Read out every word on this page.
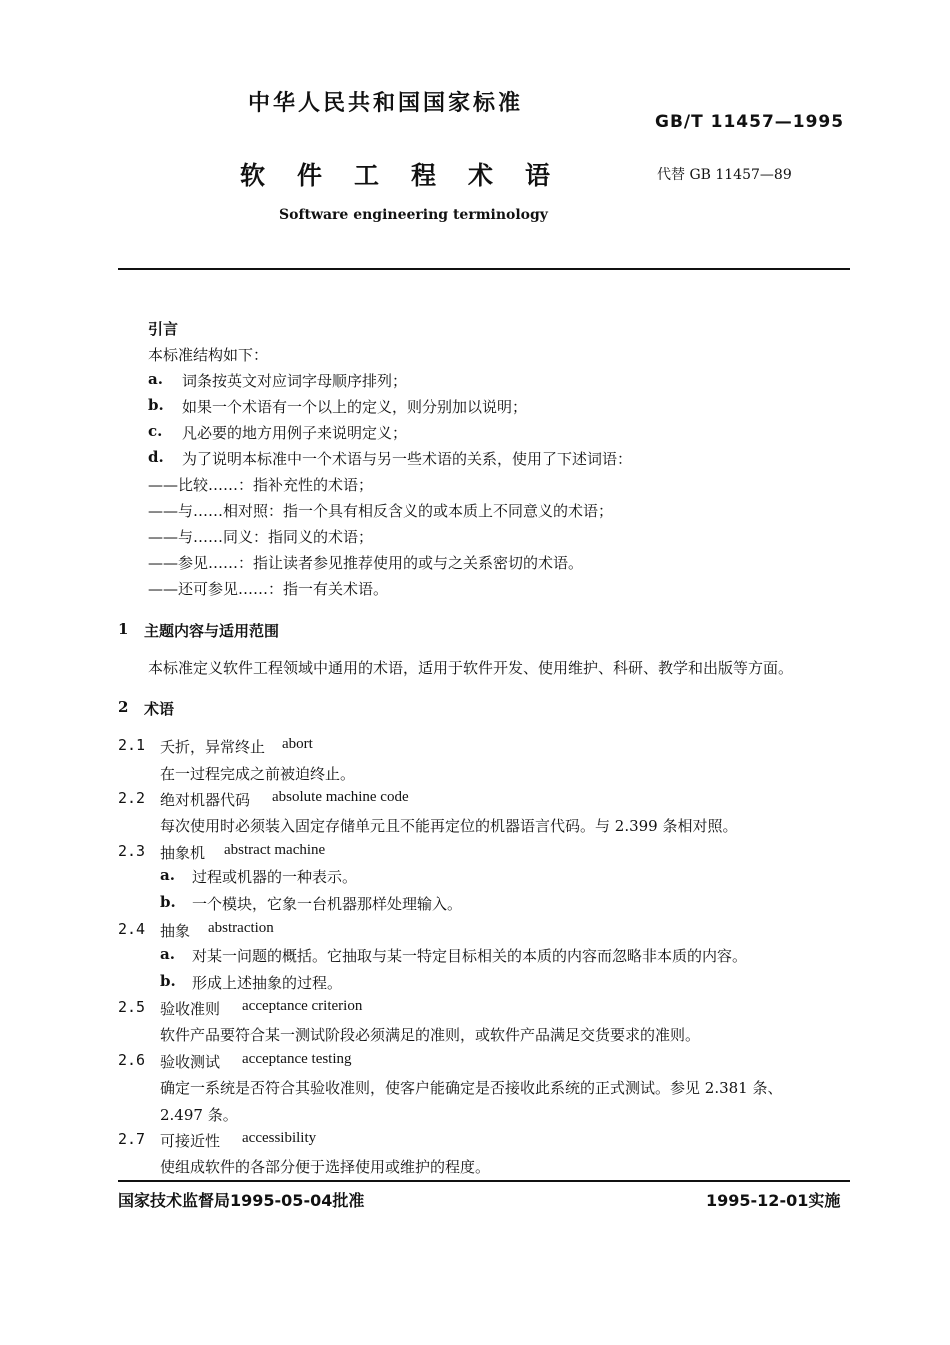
中华人民共和国国家标准
GB/T 11457—1995
软件工程术语	代替 GB 11457—89
Software engineering terminology
引言
本标准结构如下：
a. 词条按英文对应词字母顺序排列；
b. 如果一个术语有一个以上的定义，则分别加以说明；
c. 凡必要的地方用例子来说明定义；
d. 为了说明本标准中一个术语与另一些术语的关系，使用了下述词语：
——比较……：指补充性的术语；
——与……相对照：指一个具有相反含义的或本质上不同意义的术语；
——与……同义：指同义的术语；
——参见……：指让读者参见推荐使用的或与之关系密切的术语。
——还可参见……：指一有关术语。
1 主题内容与适用范围
本标准定义软件工程领域中通用的术语，适用于软件开发、使用维护、科研、教学和出版等方面。
2 术语
2.1 夭折，异常终止 abort
在一过程完成之前被迫终止。
2.2 绝对机器代码 absolute machine code
每次使用时必须装入固定存储单元且不能再定位的机器语言代码。与 2.399 条相对照。
2.3 抽象机 abstract machine
a. 过程或机器的一种表示。
b. 一个模块，它象一台机器那样处理输入。
2.4 抽象 abstraction
a. 对某一问题的概括。它抽取与某一特定目标相关的本质的内容而忽略非本质的内容。
b. 形成上述抽象的过程。
2.5 验收准则 acceptance criterion
软件产品要符合某一测试阶段必须满足的准则，或软件产品满足交货要求的准则。
2.6 验收测试 acceptance testing
确定一系统是否符合其验收准则，使客户能确定是否接收此系统的正式测试。参见 2.381 条、
2.497 条。
2.7 可接近性 accessibility
使组成软件的各部分便于选择使用或维护的程度。
国家技术监督局1995-05-04批准	1995-12-01实施
